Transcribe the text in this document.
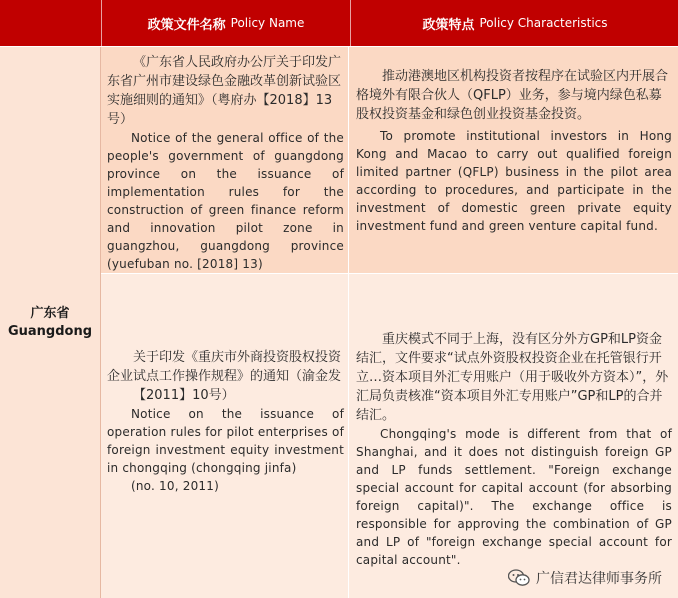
政策文件名称 Policy Name	政策特点 Policy Characteristics
广东省
Guangdong

《广东省人民政府办公厅关于印发广东省广州市建设绿色金融改革创新试验区实施细则的通知》（粤府办【2018】13号）

Notice of the general office of the people's government of guangdong province on the issuance of implementation rules for the construction of green finance reform and innovation pilot zone in guangzhou, guangdong province (yuefuban no. [2018] 13)

推动港澳地区机构投资者按程序在试验区内开展合格境外有限合伙人（QFLP）业务，参与境内绿色私募股权投资基金和绿色创业投资基金投资。

To promote institutional investors in Hong Kong and Macao to carry out qualified foreign limited partner (QFLP) business in the pilot area according to procedures, and participate in the investment of domestic green private equity investment fund and green venture capital fund.

关于印发《重庆市外商投资股权投资企业试点工作操作规程》的通知（渝金发

【2011】10号）

Notice on the issuance of operation rules for pilot enterprises of foreign investment equity investment in chongqing (chongqing jinfa)

(no. 10, 2011)

重庆模式不同于上海，没有区分外方GP和LP资金结汇，文件要求“试点外资股权投资企业在托管银行开立…资本项目外汇专用账户（用于吸收外方资本）”，外汇局负责核准“资本项目外汇专用账户”GP和LP的合并结汇。

Chongqing's mode is different from that of Shanghai, and it does not distinguish foreign GP and LP funds settlement. "Foreign exchange special account for capital account (for absorbing foreign capital)". The exchange office is responsible for approving the combination of GP and LP of "foreign exchange special account for capital account".

广信君达律师事务所
